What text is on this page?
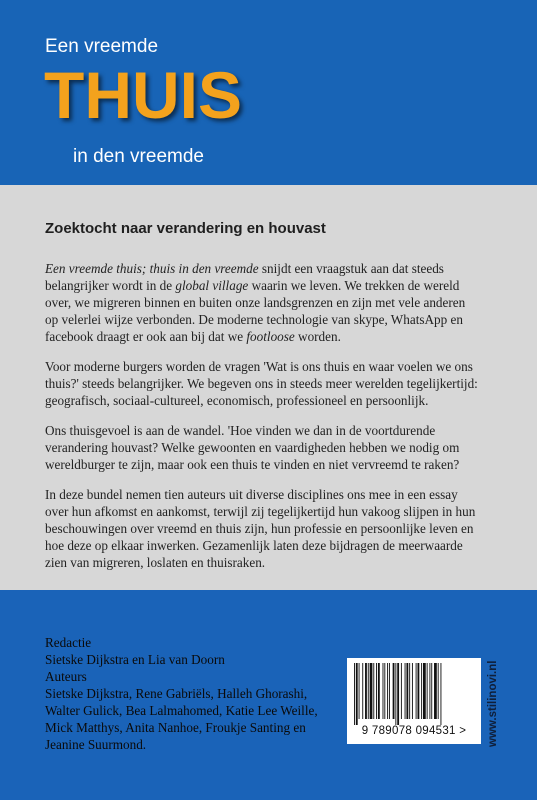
Een vreemde
THUIS
in den vreemde
Zoektocht naar verandering en houvast

Een vreemde thuis; thuis in den vreemde snijdt een vraagstuk aan dat steeds
belangrijker wordt in de global village waarin we leven. We trekken de wereld
over, we migreren binnen en buiten onze landsgrenzen en zijn met vele anderen
op velerlei wijze verbonden. De moderne technologie van skype, WhatsApp en
facebook draagt er ook aan bij dat we footloose worden.

Voor moderne burgers worden de vragen 'Wat is ons thuis en waar voelen we ons
thuis?' steeds belangrijker. We begeven ons in steeds meer werelden tegelijkertijd:
geografisch, sociaal-cultureel, economisch, professioneel en persoonlijk.

Ons thuisgevoel is aan de wandel. 'Hoe vinden we dan in de voortdurende
verandering houvast? Welke gewoonten en vaardigheden hebben we nodig om
wereldburger te zijn, maar ook een thuis te vinden en niet vervreemd te raken?

In deze bundel nemen tien auteurs uit diverse disciplines ons mee in een essay
over hun afkomst en aankomst, terwijl zij tegelijkertijd hun vakoog slijpen in hun
beschouwingen over vreemd en thuis zijn, hun professie en persoonlijke leven en
hoe deze op elkaar inwerken. Gezamenlijk laten deze bijdragen de meerwaarde
zien van migreren, loslaten en thuisraken.

Redactie
Sietske Dijkstra en Lia van Doorn
Auteurs
Sietske Dijkstra, Rene Gabriëls, Halleh Ghorashi,
Walter Gulick, Bea Lalmahomed, Katie Lee Weille,
Mick Matthys, Anita Nanhoe, Froukje Santing en
Jeanine Suurmond.
9 789078 094531 >	www.stilinovi.nl
